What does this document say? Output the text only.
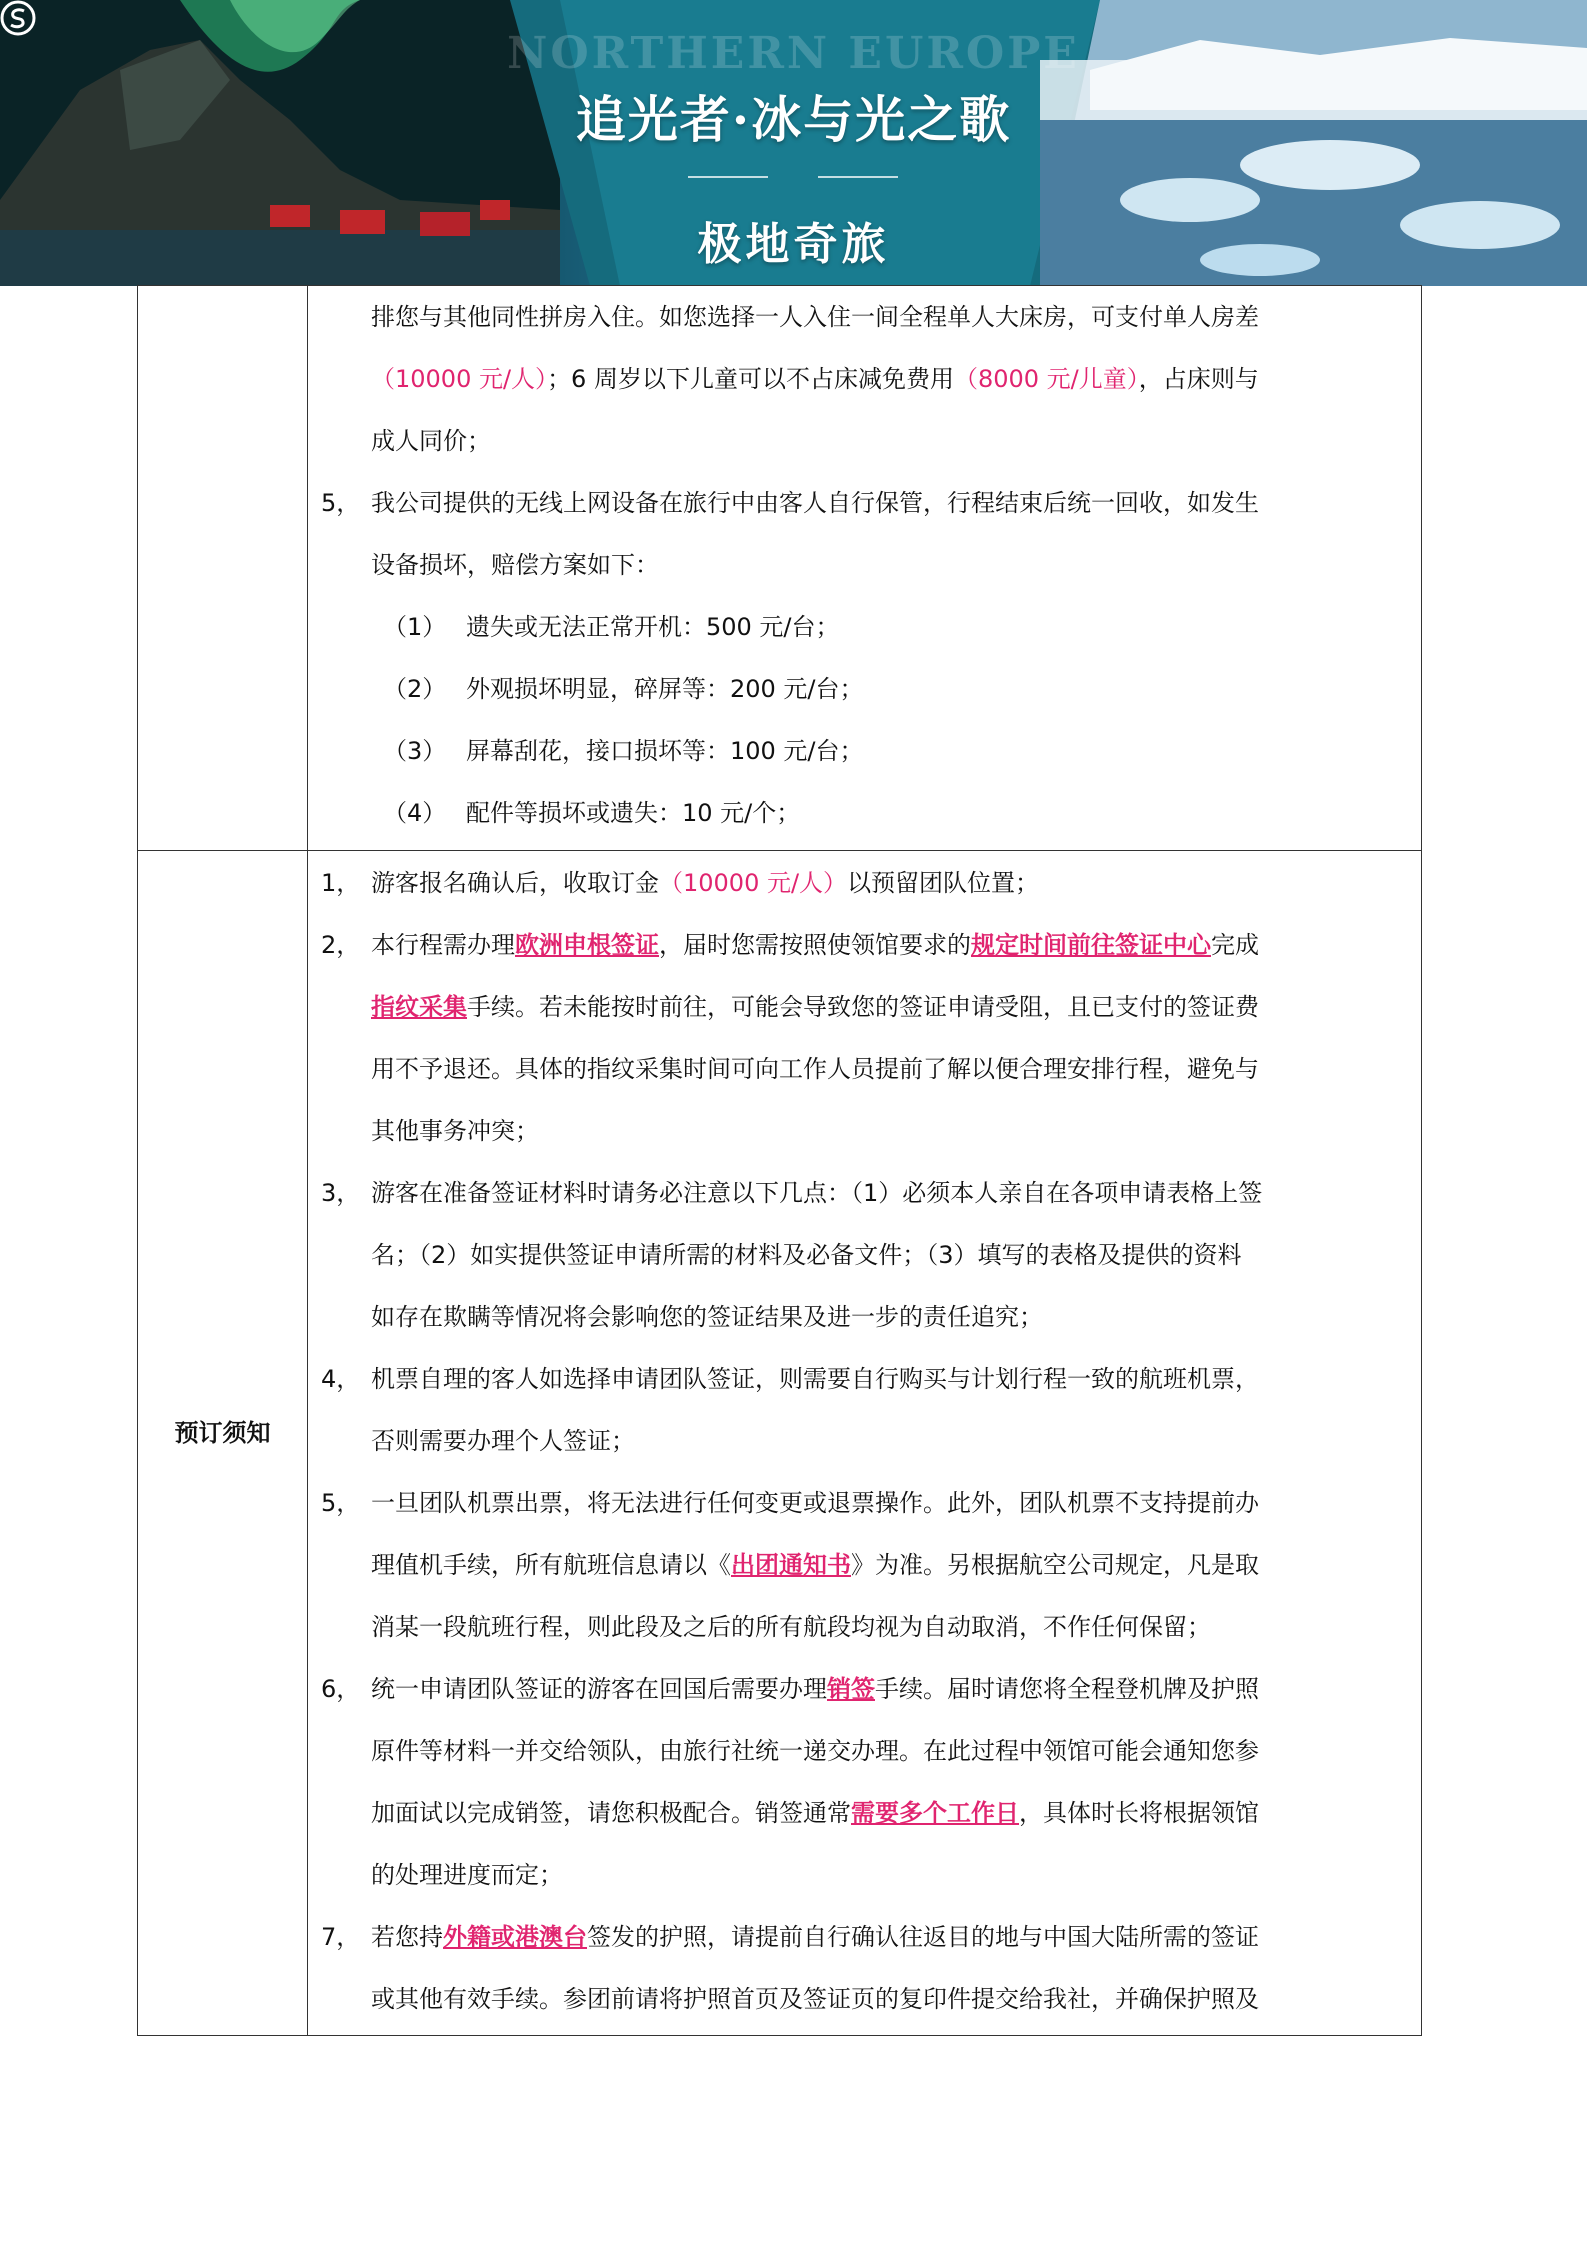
NORTHERN EUROPE
追光者·冰与光之歌
极地奇旅
排您与其他同性拼房入住。如您选择一人入住一间全程单人大床房，可支付单人房差
（10000 元/人）；6 周岁以下儿童可以不占床减免费用（8000 元/儿童），占床则与
成人同价；
5， 我公司提供的无线上网设备在旅行中由客人自行保管，行程结束后统一回收，如发生
设备损坏，赔偿方案如下：
（1） 遗失或无法正常开机：500 元/台；
（2） 外观损坏明显，碎屏等：200 元/台；
（3） 屏幕刮花，接口损坏等：100 元/台；
（4） 配件等损坏或遗失：10 元/个；
预订须知
1， 游客报名确认后，收取订金（10000 元/人）以预留团队位置；
2， 本行程需办理欧洲申根签证，届时您需按照使领馆要求的规定时间前往签证中心完成
指纹采集手续。若未能按时前往，可能会导致您的签证申请受阻，且已支付的签证费
用不予退还。具体的指纹采集时间可向工作人员提前了解以便合理安排行程，避免与
其他事务冲突；
3， 游客在准备签证材料时请务必注意以下几点：（1）必须本人亲自在各项申请表格上签
名；（2）如实提供签证申请所需的材料及必备文件；（3）填写的表格及提供的资料
如存在欺瞒等情况将会影响您的签证结果及进一步的责任追究；
4， 机票自理的客人如选择申请团队签证，则需要自行购买与计划行程一致的航班机票，
否则需要办理个人签证；
5， 一旦团队机票出票，将无法进行任何变更或退票操作。此外，团队机票不支持提前办
理值机手续，所有航班信息请以《出团通知书》为准。另根据航空公司规定，凡是取
消某一段航班行程，则此段及之后的所有航段均视为自动取消，不作任何保留；
6， 统一申请团队签证的游客在回国后需要办理销签手续。届时请您将全程登机牌及护照
原件等材料一并交给领队，由旅行社统一递交办理。在此过程中领馆可能会通知您参
加面试以完成销签，请您积极配合。销签通常需要多个工作日，具体时长将根据领馆
的处理进度而定；
7， 若您持外籍或港澳台签发的护照，请提前自行确认往返目的地与中国大陆所需的签证
或其他有效手续。参团前请将护照首页及签证页的复印件提交给我社，并确保护照及
